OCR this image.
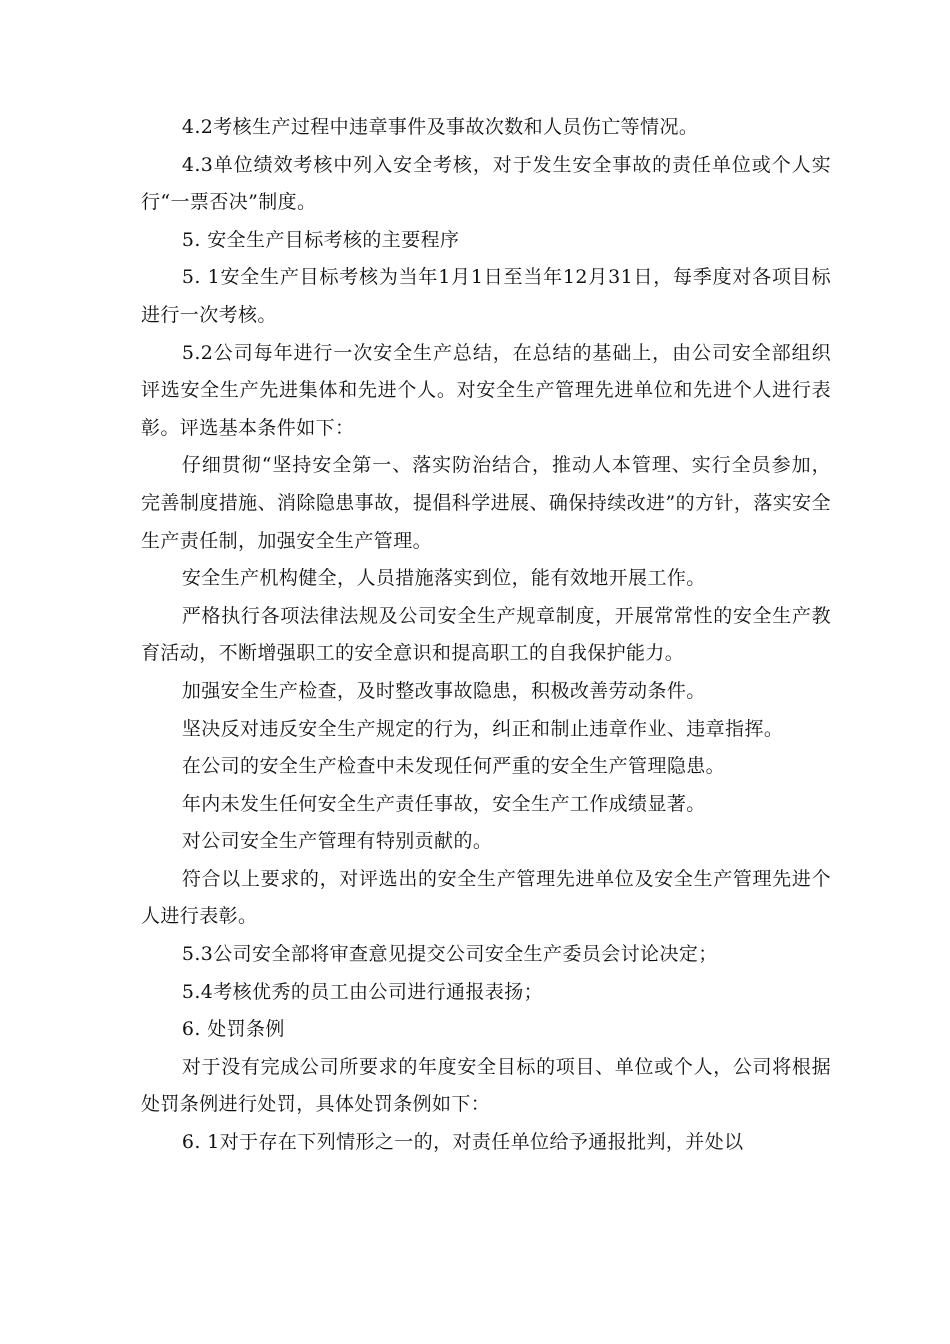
4.2考核生产过程中违章事件及事故次数和人员伤亡等情况。

4.3单位绩效考核中列入安全考核，对于发生安全事故的责任单位或个人实行“一票否决”制度。

5. 安全生产目标考核的主要程序

5. 1安全生产目标考核为当年1月1日至当年12月31日，每季度对各项目标进行一次考核。

5.2公司每年进行一次安全生产总结，在总结的基础上，由公司安全部组织评选安全生产先进集体和先进个人。对安全生产管理先进单位和先进个人进行表彰。评选基本条件如下：

仔细贯彻“坚持安全第一、落实防治结合，推动人本管理、实行全员参加，完善制度措施、消除隐患事故，提倡科学进展、确保持续改进”的方针，落实安全生产责任制，加强安全生产管理。

安全生产机构健全，人员措施落实到位，能有效地开展工作。

严格执行各项法律法规及公司安全生产规章制度，开展常常性的安全生产教育活动，不断增强职工的安全意识和提高职工的自我保护能力。

加强安全生产检查，及时整改事故隐患，积极改善劳动条件。

坚决反对违反安全生产规定的行为，纠正和制止违章作业、违章指挥。

在公司的安全生产检查中未发现任何严重的安全生产管理隐患。

年内未发生任何安全生产责任事故，安全生产工作成绩显著。

对公司安全生产管理有特别贡献的。

符合以上要求的，对评选出的安全生产管理先进单位及安全生产管理先进个人进行表彰。

5.3公司安全部将审查意见提交公司安全生产委员会讨论决定；

5.4考核优秀的员工由公司进行通报表扬；

6. 处罚条例

对于没有完成公司所要求的年度安全目标的项目、单位或个人，公司将根据处罚条例进行处罚，具体处罚条例如下：

6. 1对于存在下列情形之一的，对责任单位给予通报批判，并处以
